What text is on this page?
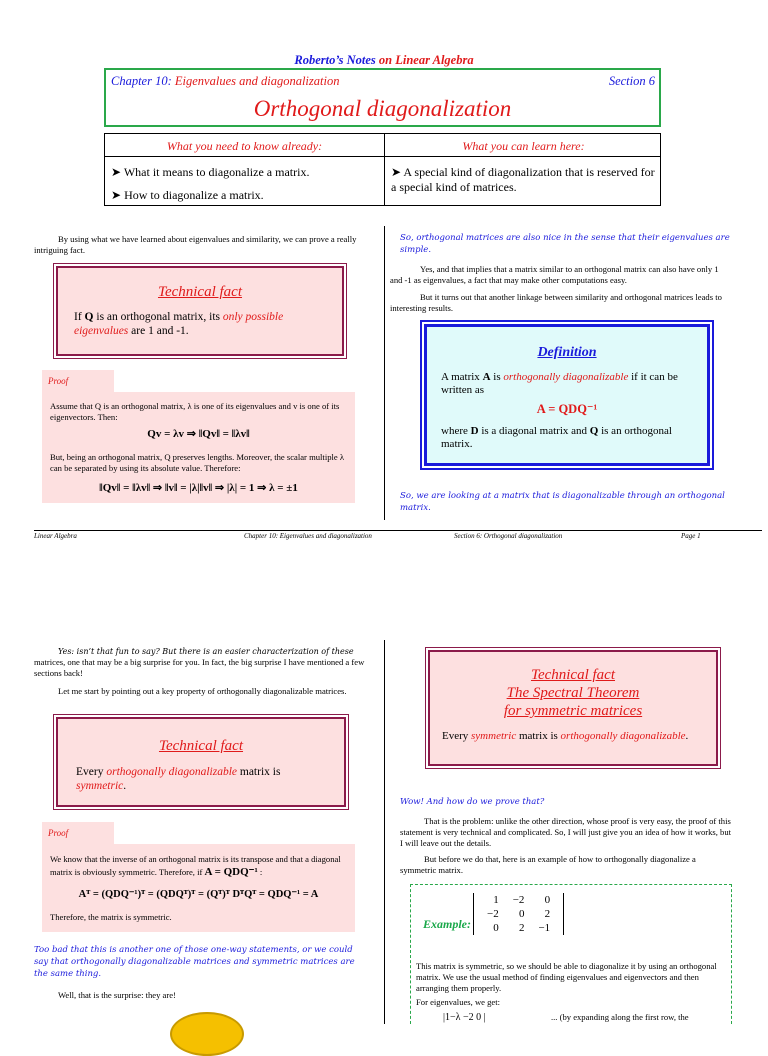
Roberto’s Notes on Linear Algebra
Chapter 10: Eigenvalues and diagonalization	Section 6
Orthogonal diagonalization
What you need to know already:	What you can learn here:
➤ What it means to diagonalize a matrix.
➤ How to diagonalize a matrix.
➤ A special kind of diagonalization that is reserved for a special kind of matrices.
By using what we have learned about eigenvalues and similarity, we can prove a really intriguing fact.
Technical fact
If Q is an orthogonal matrix, its only possible eigenvalues are 1 and -1.
Proof
Assume that Q is an orthogonal matrix, λ is one of its eigenvalues and v is one of its eigenvectors. Then:
Qv = λv ⇒ ‖Qv‖ = ‖λv‖
But, being an orthogonal matrix, Q preserves lengths. Moreover, the scalar multiple λ can be separated by using its absolute value. Therefore:
‖Qv‖ = ‖λv‖ ⇒ ‖v‖ = |λ|‖v‖ ⇒ |λ| = 1 ⇒ λ = ±1
So, orthogonal matrices are also nice in the sense that their eigenvalues are simple.
Yes, and that implies that a matrix similar to an orthogonal matrix can also have only 1 and -1 as eigenvalues, a fact that may make other computations easy.
But it turns out that another linkage between similarity and orthogonal matrices leads to interesting results.
Definition
A matrix A is orthogonally diagonalizable if it can be written as
A = QDQ⁻¹
where D is a diagonal matrix and Q is an orthogonal matrix.
So, we are looking at a matrix that is diagonalizable through an orthogonal matrix.
Linear Algebra	Chapter 10: Eigenvalues and diagonalization	Section 6: Orthogonal diagonalization	Page 1
Yes: isn’t that fun to say? But there is an easier characterization of these
matrices, one that may be a big surprise for you. In fact, the big surprise I have mentioned a few sections back!
Let me start by pointing out a key property of orthogonally diagonalizable matrices.
Technical fact
Every orthogonally diagonalizable matrix is symmetric.
Proof
We know that the inverse of an orthogonal matrix is its transpose and that a diagonal matrix is obviously symmetric. Therefore, if A = QDQ⁻¹ :
Aᵀ = (QDQ⁻¹)ᵀ = (QDQᵀ)ᵀ = (Qᵀ)ᵀ DᵀQᵀ = QDQ⁻¹ = A
Therefore, the matrix is symmetric.
Too bad that this is another one of those one-way statements, or we could say that orthogonally diagonalizable matrices and symmetric matrices are the same thing.
Well, that is the surprise: they are!
Technical fact
The Spectral Theorem
for symmetric matrices
Every symmetric matrix is orthogonally diagonalizable.
Wow! And how do we prove that?
That is the problem: unlike the other direction, whose proof is very easy, the proof of this statement is very technical and complicated. So, I will just give you an idea of how it works, but I will leave out the details.
But before we do that, here is an example of how to orthogonally diagonalize a symmetric matrix.
Example:
1	−2	0
−2	0	2
0	2	−1
This matrix is symmetric, so we should be able to diagonalize it by using an orthogonal matrix. We use the usual method of finding eigenvalues and eigenvectors and then arranging them properly.
For eigenvalues, we get:
|1−λ −2 0 |	... (by expanding along the first row, the
